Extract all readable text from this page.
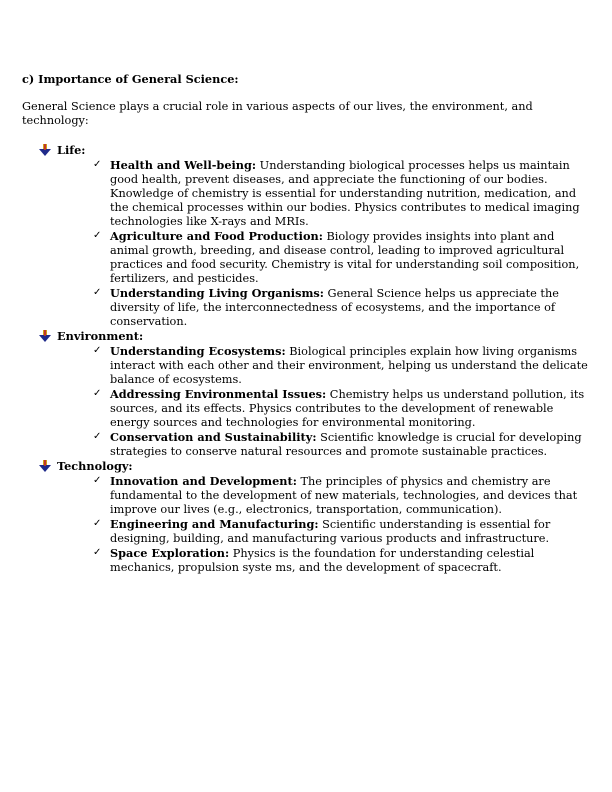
c) Importance of General Science:

General Science plays a crucial role in various aspects of our lives, the environment, and technology:

Life:
✓ Health and Well-being: Understanding biological processes helps us maintain good health, prevent diseases, and appreciate the functioning of our bodies. Knowledge of chemistry is essential for understanding nutrition, medication, and the chemical processes within our bodies. Physics contributes to medical imaging technologies like X-rays and MRIs.
✓ Agriculture and Food Production: Biology provides insights into plant and animal growth, breeding, and disease control, leading to improved agricultural practices and food security. Chemistry is vital for understanding soil composition, fertilizers, and pesticides.
✓ Understanding Living Organisms: General Science helps us appreciate the diversity of life, the interconnectedness of ecosystems, and the importance of conservation.
Environment:
✓ Understanding Ecosystems: Biological principles explain how living organisms interact with each other and their environment, helping us understand the delicate balance of ecosystems.
✓ Addressing Environmental Issues: Chemistry helps us understand pollution, its sources, and its effects. Physics contributes to the development of renewable energy sources and technologies for environmental monitoring.
✓ Conservation and Sustainability: Scientific knowledge is crucial for developing strategies to conserve natural resources and promote sustainable practices.
Technology:
✓ Innovation and Development: The principles of physics and chemistry are fundamental to the development of new materials, technologies, and devices that improve our lives (e.g., electronics, transportation, communication).
✓ Engineering and Manufacturing: Scientific understanding is essential for designing, building, and manufacturing various products and infrastructure.
✓ Space Exploration: Physics is the foundation for understanding celestial mechanics, propulsion syste ms, and the development of spacecraft.
